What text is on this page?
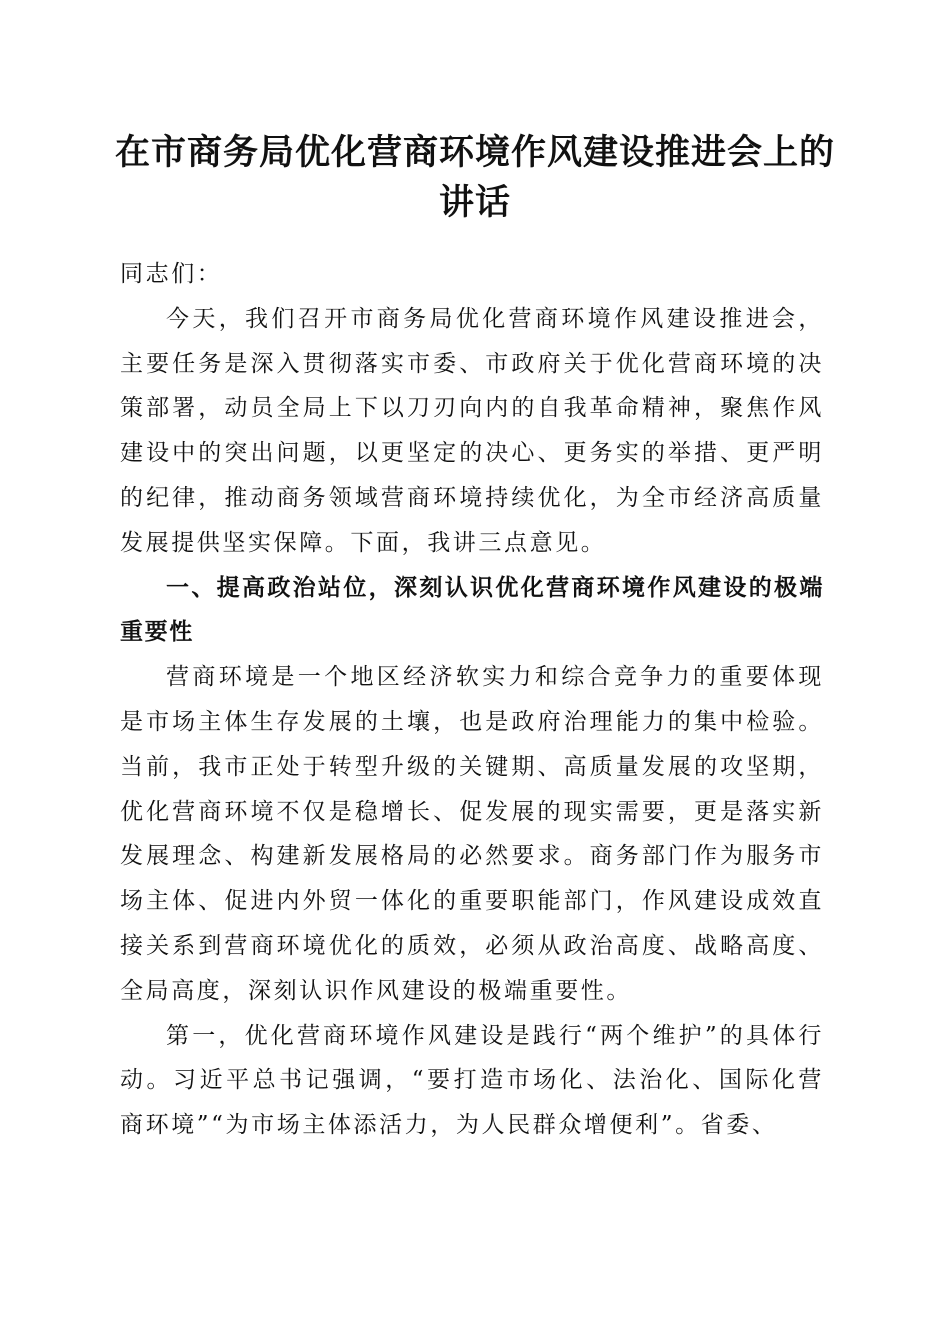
在市商务局优化营商环境作风建设推进会上的
讲话

同志们：

今天，我们召开市商务局优化营商环境作风建设推进会，主要任务是深入贯彻落实市委、市政府关于优化营商环境的决策部署，动员全局上下以刀刃向内的自我革命精神，聚焦作风建设中的突出问题，以更坚定的决心、更务实的举措、更严明的纪律，推动商务领域营商环境持续优化，为全市经济高质量发展提供坚实保障。下面，我讲三点意见。

一、提高政治站位，深刻认识优化营商环境作风建设的极端重要性

营商环境是一个地区经济软实力和综合竞争力的重要体现是市场主体生存发展的土壤，也是政府治理能力的集中检验。当前，我市正处于转型升级的关键期、高质量发展的攻坚期，优化营商环境不仅是稳增长、促发展的现实需要，更是落实新发展理念、构建新发展格局的必然要求。商务部门作为服务市场主体、促进内外贸一体化的重要职能部门，作风建设成效直接关系到营商环境优化的质效，必须从政治高度、战略高度、全局高度，深刻认识作风建设的极端重要性。

第一，优化营商环境作风建设是践行“两个维护”的具体行动。习近平总书记强调，“要打造市场化、法治化、国际化营商环境”“为市场主体添活力，为人民群众增便利”。省委、
